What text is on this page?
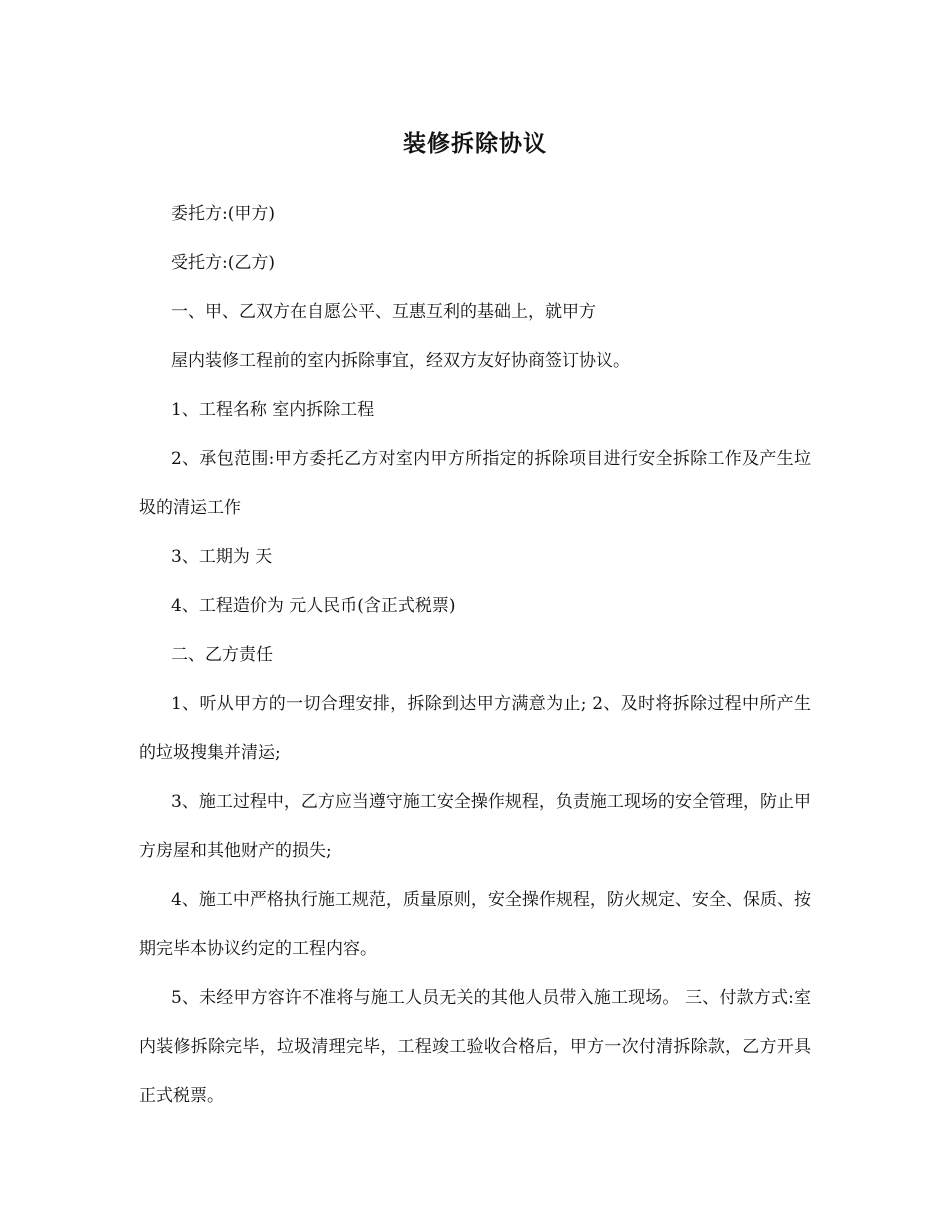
装修拆除协议

委托方:(甲方)

受托方:(乙方)

一、甲、乙双方在自愿公平、互惠互利的基础上，就甲方

屋内装修工程前的室内拆除事宜，经双方友好协商签订协议。

1、工程名称 室内拆除工程

2、承包范围:甲方委托乙方对室内甲方所指定的拆除项目进行安全拆除工作及产生垃圾的清运工作

3、工期为 天

4、工程造价为 元人民币(含正式税票)

二、乙方责任

1、听从甲方的一切合理安排，拆除到达甲方满意为止; 2、及时将拆除过程中所产生的垃圾搜集并清运;

3、施工过程中，乙方应当遵守施工安全操作规程，负责施工现场的安全管理，防止甲方房屋和其他财产的损失;

4、施工中严格执行施工规范，质量原则，安全操作规程，防火规定、安全、保质、按期完毕本协议约定的工程内容。

5、未经甲方容许不准将与施工人员无关的其他人员带入施工现场。 三、付款方式:室内装修拆除完毕，垃圾清理完毕，工程竣工验收合格后，甲方一次付清拆除款，乙方开具正式税票。
